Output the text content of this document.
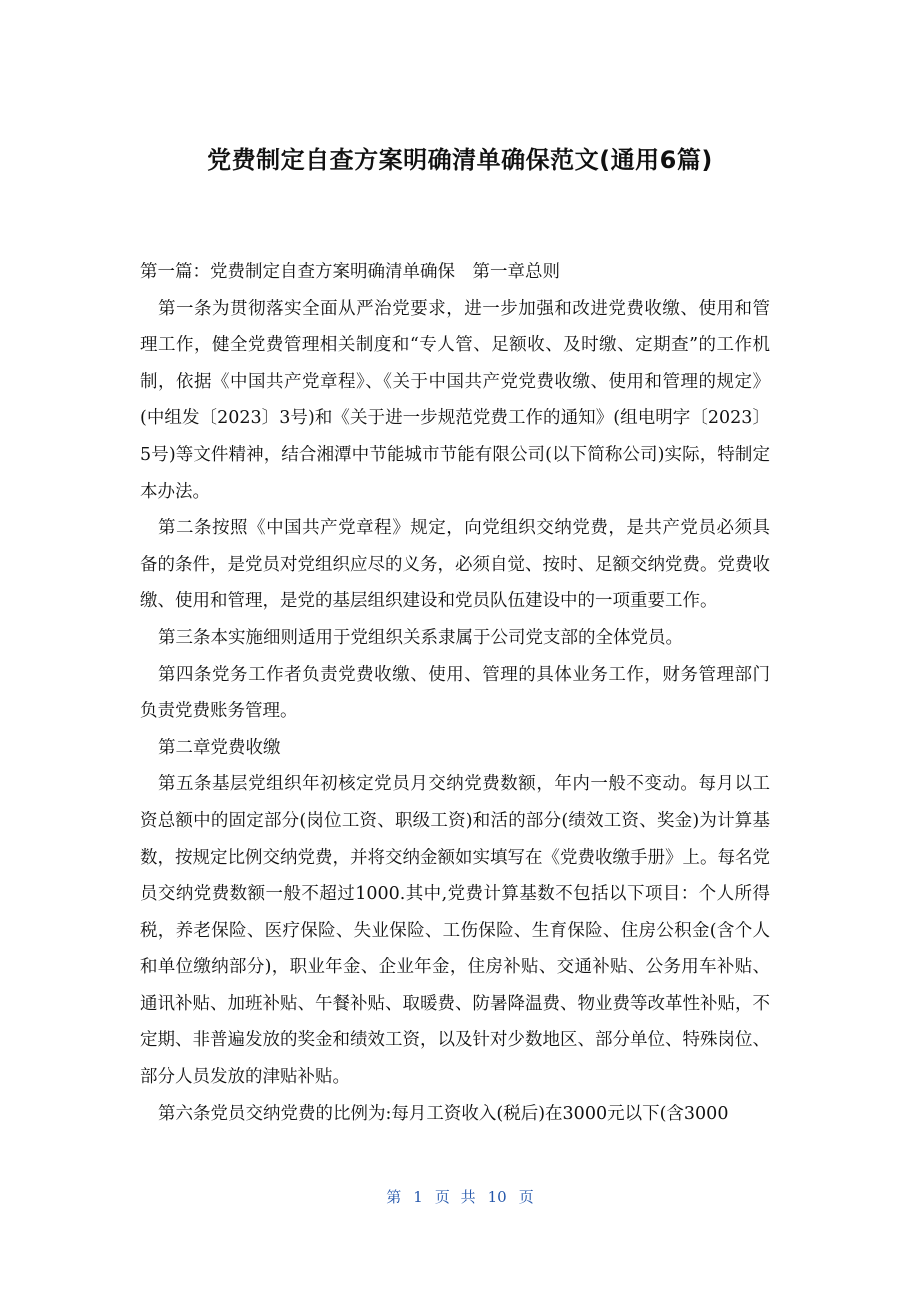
党费制定自查方案明确清单确保范文(通用6篇)

第一篇：党费制定自查方案明确清单确保　第一章总则

第一条为贯彻落实全面从严治党要求，进一步加强和改进党费收缴、使用和管理工作，健全党费管理相关制度和“专人管、足额收、及时缴、定期查”的工作机制，依据《中国共产党章程》、《关于中国共产党党费收缴、使用和管理的规定》(中组发〔2023〕3号)和《关于进一步规范党费工作的通知》(组电明字〔2023〕5号)等文件精神，结合湘潭中节能城市节能有限公司(以下简称公司)实际，特制定本办法。

第二条按照《中国共产党章程》规定，向党组织交纳党费，是共产党员必须具备的条件，是党员对党组织应尽的义务，必须自觉、按时、足额交纳党费。党费收缴、使用和管理，是党的基层组织建设和党员队伍建设中的一项重要工作。

第三条本实施细则适用于党组织关系隶属于公司党支部的全体党员。

第四条党务工作者负责党费收缴、使用、管理的具体业务工作，财务管理部门负责党费账务管理。

第二章党费收缴

第五条基层党组织年初核定党员月交纳党费数额，年内一般不变动。每月以工资总额中的固定部分(岗位工资、职级工资)和活的部分(绩效工资、奖金)为计算基数，按规定比例交纳党费，并将交纳金额如实填写在《党费收缴手册》上。每名党员交纳党费数额一般不超过1000.其中,党费计算基数不包括以下项目：个人所得税，养老保险、医疗保险、失业保险、工伤保险、生育保险、住房公积金(含个人和单位缴纳部分)，职业年金、企业年金，住房补贴、交通补贴、公务用车补贴、通讯补贴、加班补贴、午餐补贴、取暖费、防暑降温费、物业费等改革性补贴，不定期、非普遍发放的奖金和绩效工资，以及针对少数地区、部分单位、特殊岗位、部分人员发放的津贴补贴。

第六条党员交纳党费的比例为:每月工资收入(税后)在3000元以下(含3000

第 1 页 共 10 页
